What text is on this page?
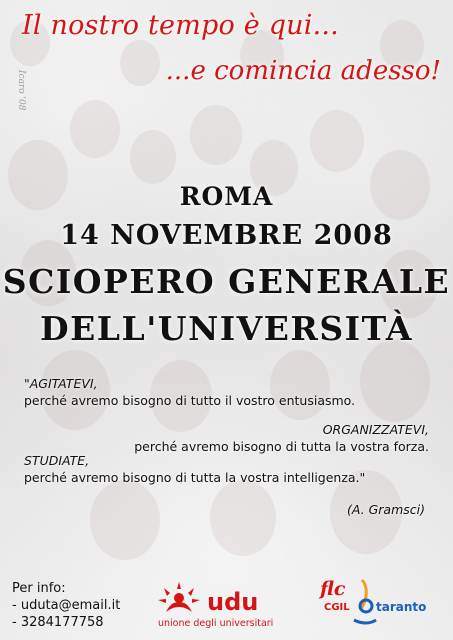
Il nostro tempo è qui...
...e comincia adesso!
Icaro '08
ROMA
14 NOVEMBRE 2008
SCIOPERO GENERALE
DELL'UNIVERSITÀ
"AGITATEVI,
perché avremo bisogno di tutto il vostro entusiasmo.
ORGANIZZATEVI,
perché avremo bisogno di tutta la vostra forza.
STUDIATE,
perché avremo bisogno di tutta la vostra intelligenza."
(A. Gramsci)
Per info:
- uduta@email.it
- 3284177758
udu
unione degli universitari
flc
CGIL taranto
